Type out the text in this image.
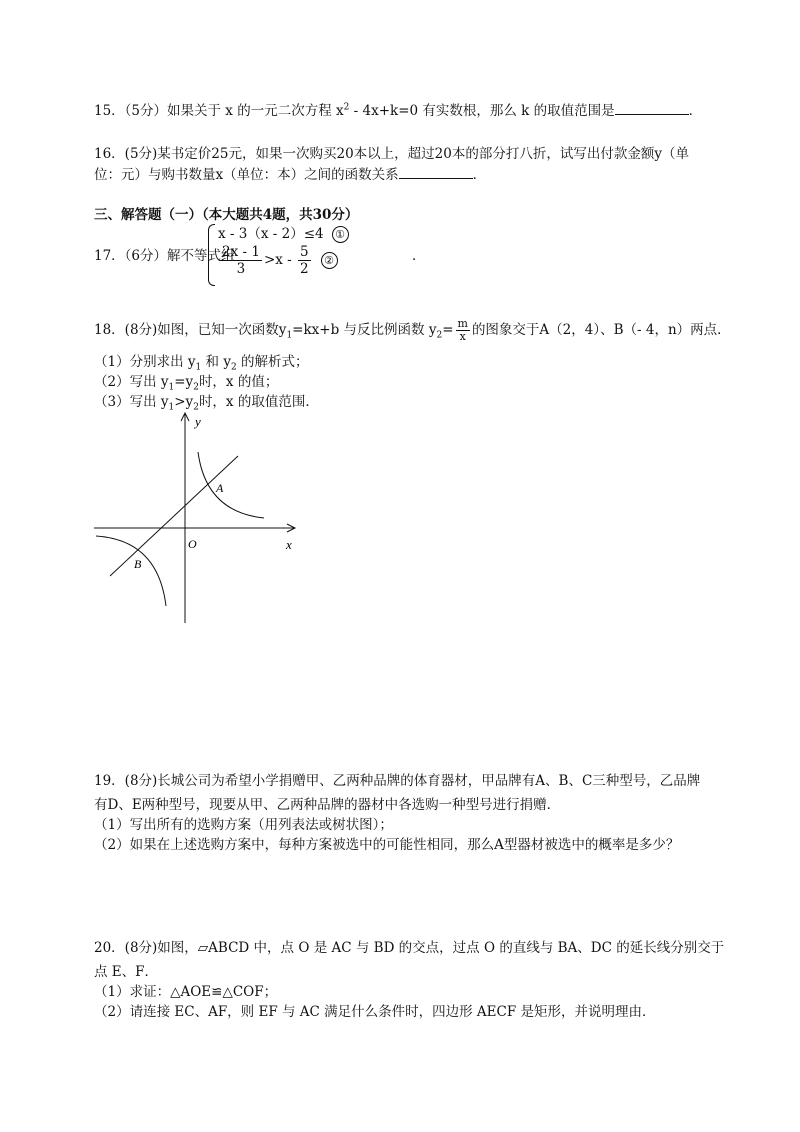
15．（5分）如果关于 x 的一元二次方程 $x^2 - 4x+k=0$ 有实数根，那么 k 的取值范围是	．
16．(5分)某书定价25元，如果一次购买20本以上，超过20本的部分打八折，试写出付款金额y（单
位：元）与购书数量x（单位：本）之间的函数关系	．
三、解答题（一）（本大题共4题，共30分）
17．（6分）解不等式组
x - 3（x - 2）≤4 ①
$\frac{2x - 1}{3} >x - \frac{5}{2}$ ②	．
18．(8分)如图，已知一次函数$y_1=kx+b$ 与反比例函数 $y_2= \frac{m}{x}$ 的图象交于A（2，4）、B（- 4，n）两点．
（1）分别求出 $y_1$ 和 $y_2$ 的解析式；
（2）写出 $y_1=y_2$时，x 的值；
（3）写出 $y_1>y_2$时，x 的取值范围．
y
x
O
A
B
19．(8分)长城公司为希望小学捐赠甲、乙两种品牌的体育器材，甲品牌有A、B、C三种型号，乙品牌
有D、E两种型号，现要从甲、乙两种品牌的器材中各选购一种型号进行捐赠．
（1）写出所有的选购方案（用列表法或树状图）；
（2）如果在上述选购方案中，每种方案被选中的可能性相同，那么A型器材被选中的概率是多少？
20．(8分)如图，▱ABCD 中，点 O 是 AC 与 BD 的交点，过点 O 的直线与 BA、DC 的延长线分别交于
点 E、F．
（1）求证：△AOE≌△COF；
（2）请连接 EC、AF，则 EF 与 AC 满足什么条件时，四边形 AECF 是矩形，并说明理由．
